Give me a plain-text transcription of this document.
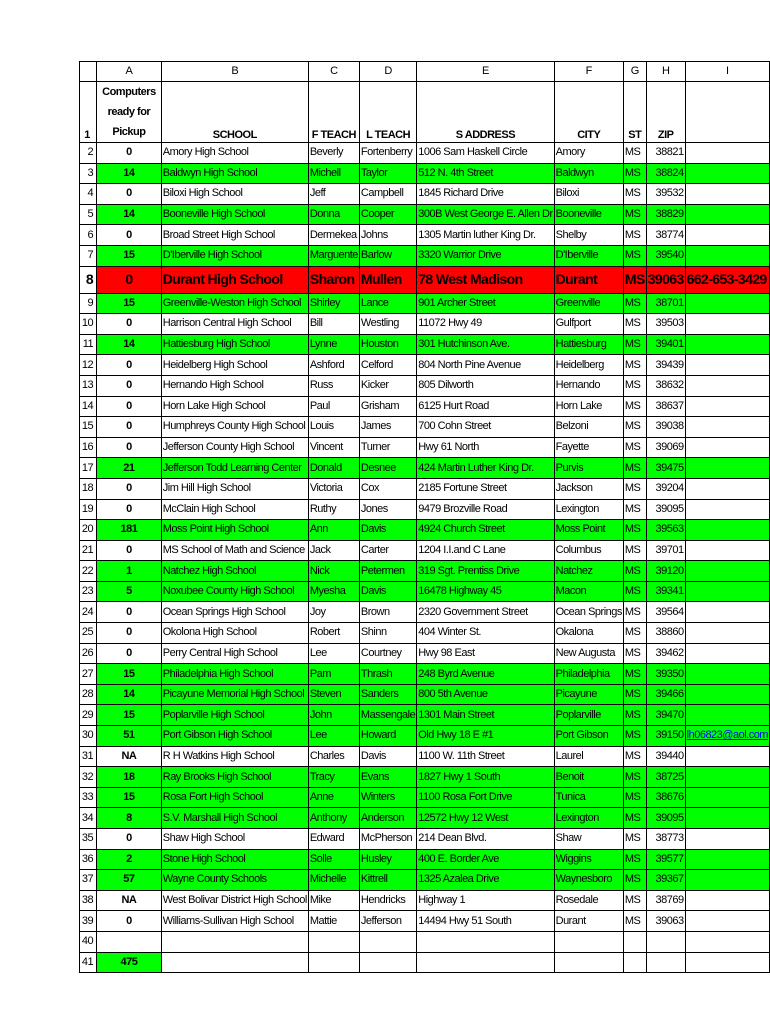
	A	B	C	D	E	F	G	H	I
1	Computers ready for Pickup	SCHOOL	F TEACH	L TEACH	S ADDRESS	CITY	ST	ZIP	
2	0	Amory High School	Beverly	Fortenberry	1006 Sam Haskell Circle	Amory	MS	38821	
3	14	Baldwyn High School	Michell	Taylor	512 N. 4th Street	Baldwyn	MS	38824	
4	0	Biloxi High School	Jeff	Campbell	1845 Richard Drive	Biloxi	MS	39532	
5	14	Booneville High School	Donna	Cooper	300B West George E. Allen Dr	Booneville	MS	38829	
6	0	Broad Street High School	Dermekea	Johns	1305 Martin luther King Dr.	Shelby	MS	38774	
7	15	D'Iberville High School	Marguente	Barlow	3320 Warrior Drive	D'Iberville	MS	39540	
8	0	Durant High School	Sharon	Mullen	78 West Madison	Durant	MS	39063	662-653-3429
9	15	Greenville-Weston High School	Shirley	Lance	901 Archer Street	Greenville	MS	38701	
10	0	Harrison Central High School	Bill	Westling	11072 Hwy 49	Gulfport	MS	39503	
11	14	Hattiesburg High School	Lynne	Houston	301 Hutchinson Ave.	Hattiesburg	MS	39401	
12	0	Heidelberg High School	Ashford	Celford	804 North Pine Avenue	Heidelberg	MS	39439	
13	0	Hernando High School	Russ	Kicker	805 Dilworth	Hernando	MS	38632	
14	0	Horn Lake High School	Paul	Grisham	6125 Hurt Road	Horn Lake	MS	38637	
15	0	Humphreys County High School	Louis	James	700 Cohn Street	Belzoni	MS	39038	
16	0	Jefferson County High School	Vincent	Turner	Hwy 61 North	Fayette	MS	39069	
17	21	Jefferson Todd Learning Center	Donald	Desnee	424 Martin Luther King Dr.	Purvis	MS	39475	
18	0	Jim Hill High School	Victoria	Cox	2185 Fortune Street	Jackson	MS	39204	
19	0	McClain High School	Ruthy	Jones	9479 Brozville Road	Lexington	MS	39095	
20	181	Moss Point High School	Ann	Davis	4924 Church Street	Moss Point	MS	39563	
21	0	MS School of Math and Science	Jack	Carter	1204 I.I.and C Lane	Columbus	MS	39701	
22	1	Natchez High School	Nick	Petermen	319 Sgt. Prentiss Drive	Natchez	MS	39120	
23	5	Noxubee County High School	Myesha	Davis	16478 Highway 45	Macon	MS	39341	
24	0	Ocean Springs High School	Joy	Brown	2320 Government Street	Ocean Springs	MS	39564	
25	0	Okolona High School	Robert	Shinn	404 Winter St.	Okalona	MS	38860	
26	0	Perry Central High School	Lee	Courtney	Hwy 98 East	New Augusta	MS	39462	
27	15	Philadelphia High School	Pam	Thrash	248 Byrd Avenue	Philadelphia	MS	39350	
28	14	Picayune Memorial High School	Steven	Sanders	800 5th Avenue	Picayune	MS	39466	
29	15	Poplarville High School	John	Massengale	1301 Main Street	Poplarville	MS	39470	
30	51	Port Gibson High School	Lee	Howard	Old Hwy 18 E #1	Port Gibson	MS	39150	lh06823@aol.com
31	NA	R H Watkins High School	Charles	Davis	1100 W. 11th Street	Laurel	MS	39440	
32	18	Ray Brooks High School	Tracy	Evans	1827 Hwy 1 South	Benoit	MS	38725	
33	15	Rosa Fort High School	Anne	Winters	1100 Rosa Fort Drive	Tunica	MS	38676	
34	8	S.V. Marshall High School	Anthony	Anderson	12572 Hwy 12 West	Lexington	MS	39095	
35	0	Shaw High School	Edward	McPherson	214 Dean Blvd.	Shaw	MS	38773	
36	2	Stone High School	Solle	Husley	400 E. Border Ave	Wiggins	MS	39577	
37	57	Wayne County Schools	Michelle	Kittrell	1325 Azalea Drive	Waynesboro	MS	39367	
38	NA	West Bolivar District High School	Mike	Hendricks	Highway 1	Rosedale	MS	38769	
39	0	Williams-Sullivan High School	Mattie	Jefferson	14494 Hwy 51 South	Durant	MS	39063	
40									
41	475								
